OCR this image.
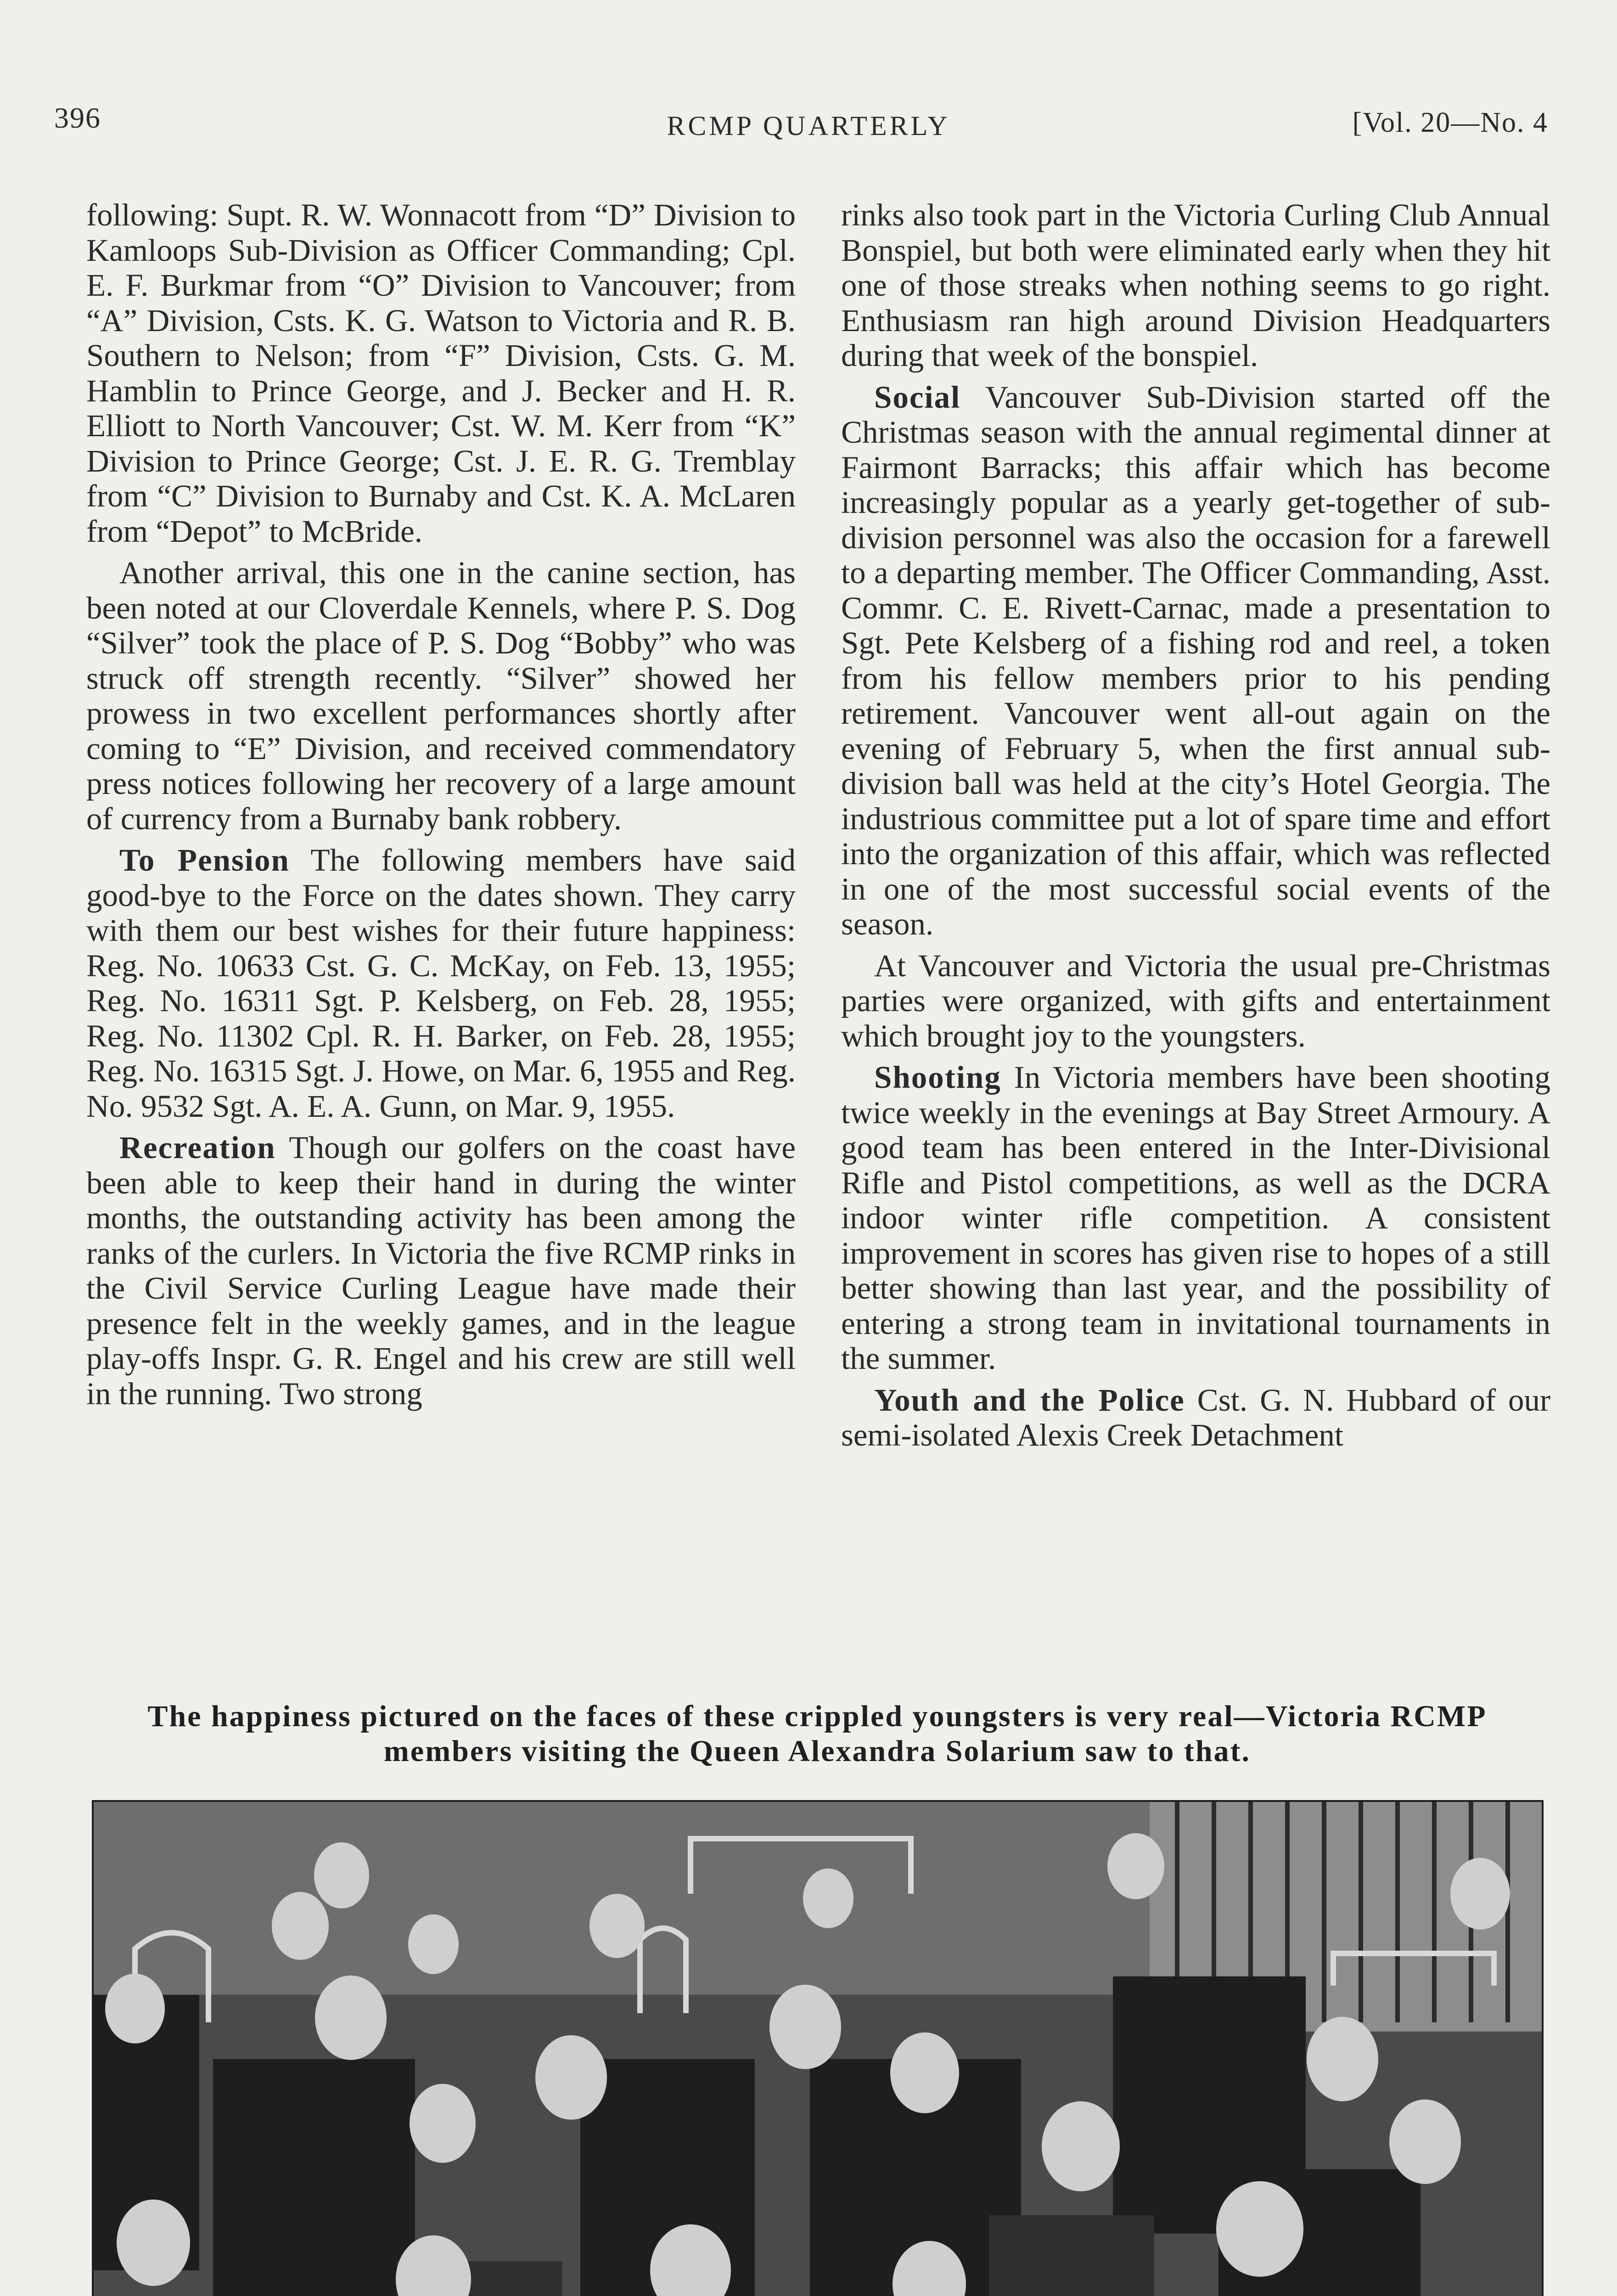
396	RCMP QUARTERLY	[Vol. 20—No. 4

following: Supt. R. W. Wonnacott from “D” Division to Kamloops Sub-Division as Officer Commanding; Cpl. E. F. Burkmar from “O” Division to Vancouver; from “A” Division, Csts. K. G. Watson to Victoria and R. B. Southern to Nelson; from “F” Division, Csts. G. M. Hamblin to Prince George, and J. Becker and H. R. Elliott to North Vancouver; Cst. W. M. Kerr from “K” Division to Prince George; Cst. J. E. R. G. Tremblay from “C” Division to Burnaby and Cst. K. A. McLaren from “Depot” to McBride.

Another arrival, this one in the canine section, has been noted at our Cloverdale Kennels, where P. S. Dog “Silver” took the place of P. S. Dog “Bobby” who was struck off strength recently. “Silver” showed her prowess in two excellent performances shortly after coming to “E” Division, and received commendatory press notices following her recovery of a large amount of currency from a Burnaby bank robbery.

To Pension The following members have said good-bye to the Force on the dates shown. They carry with them our best wishes for their future happiness: Reg. No. 10633 Cst. G. C. McKay, on Feb. 13, 1955; Reg. No. 16311 Sgt. P. Kelsberg, on Feb. 28, 1955; Reg. No. 11302 Cpl. R. H. Barker, on Feb. 28, 1955; Reg. No. 16315 Sgt. J. Howe, on Mar. 6, 1955 and Reg. No. 9532 Sgt. A. E. A. Gunn, on Mar. 9, 1955.

Recreation Though our golfers on the coast have been able to keep their hand in during the winter months, the outstanding activity has been among the ranks of the curlers. In Victoria the five RCMP rinks in the Civil Service Curling League have made their presence felt in the weekly games, and in the league play-offs Inspr. G. R. Engel and his crew are still well in the running. Two strong

rinks also took part in the Victoria Curling Club Annual Bonspiel, but both were eliminated early when they hit one of those streaks when nothing seems to go right. Enthusiasm ran high around Division Headquarters during that week of the bonspiel.

Social Vancouver Sub-Division started off the Christmas season with the annual regimental dinner at Fairmont Barracks; this affair which has become increasingly popular as a yearly get-together of sub-division personnel was also the occasion for a farewell to a departing member. The Officer Commanding, Asst. Commr. C. E. Rivett-Carnac, made a presentation to Sgt. Pete Kelsberg of a fishing rod and reel, a token from his fellow members prior to his pending retirement. Vancouver went all-out again on the evening of February 5, when the first annual sub-division ball was held at the city’s Hotel Georgia. The industrious committee put a lot of spare time and effort into the organization of this affair, which was reflected in one of the most successful social events of the season.

At Vancouver and Victoria the usual pre-Christmas parties were organized, with gifts and entertainment which brought joy to the youngsters.

Shooting In Victoria members have been shooting twice weekly in the evenings at Bay Street Armoury. A good team has been entered in the Inter-Divisional Rifle and Pistol competitions, as well as the DCRA indoor winter rifle competition. A consistent improvement in scores has given rise to hopes of a still better showing than last year, and the possibility of entering a strong team in invitational tournaments in the summer.

Youth and the Police Cst. G. N. Hubbard of our semi-isolated Alexis Creek Detachment

The happiness pictured on the faces of these crippled youngsters is very real—Victoria RCMP members visiting the Queen Alexandra Solarium saw to that.
